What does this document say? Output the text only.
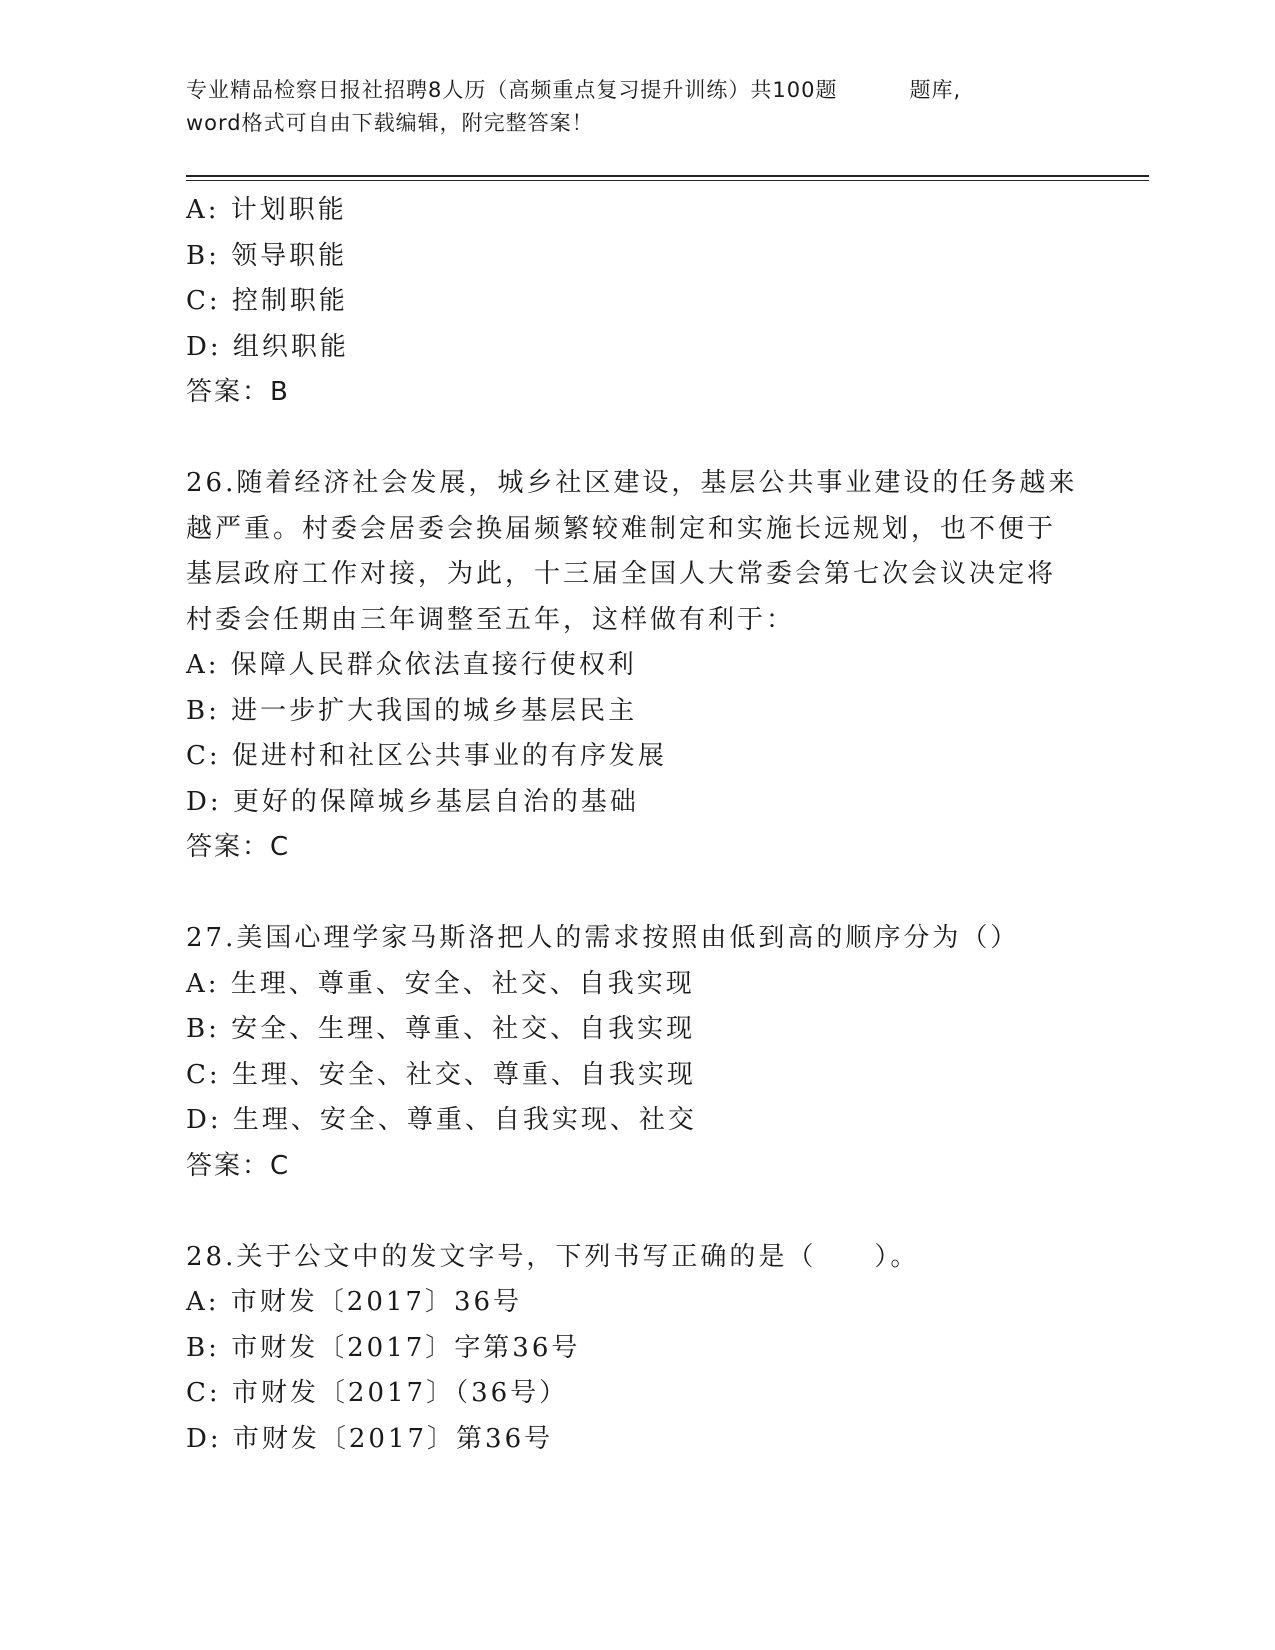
专业精品检察日报社招聘8人历（高频重点复习提升训练）共100题	题库,
word格式可自由下载编辑，附完整答案！
A: 计划职能
B: 领导职能
C: 控制职能
D: 组织职能
答案：B
26.随着经济社会发展，城乡社区建设，基层公共事业建设的任务越来
越严重。村委会居委会换届频繁较难制定和实施长远规划，也不便于
基层政府工作对接，为此，十三届全国人大常委会第七次会议决定将
村委会任期由三年调整至五年，这样做有利于：
A: 保障人民群众依法直接行使权利
B: 进一步扩大我国的城乡基层民主
C: 促进村和社区公共事业的有序发展
D: 更好的保障城乡基层自治的基础
答案：C
27.美国心理学家马斯洛把人的需求按照由低到高的顺序分为（）
A: 生理、尊重、安全、社交、自我实现
B: 安全、生理、尊重、社交、自我实现
C: 生理、安全、社交、尊重、自我实现
D: 生理、安全、尊重、自我实现、社交
答案：C
28.关于公文中的发文字号，下列书写正确的是（　　）。
A: 市财发〔2017〕36号
B: 市财发〔2017〕字第36号
C: 市财发〔2017〕（36号）
D: 市财发〔2017〕第36号
